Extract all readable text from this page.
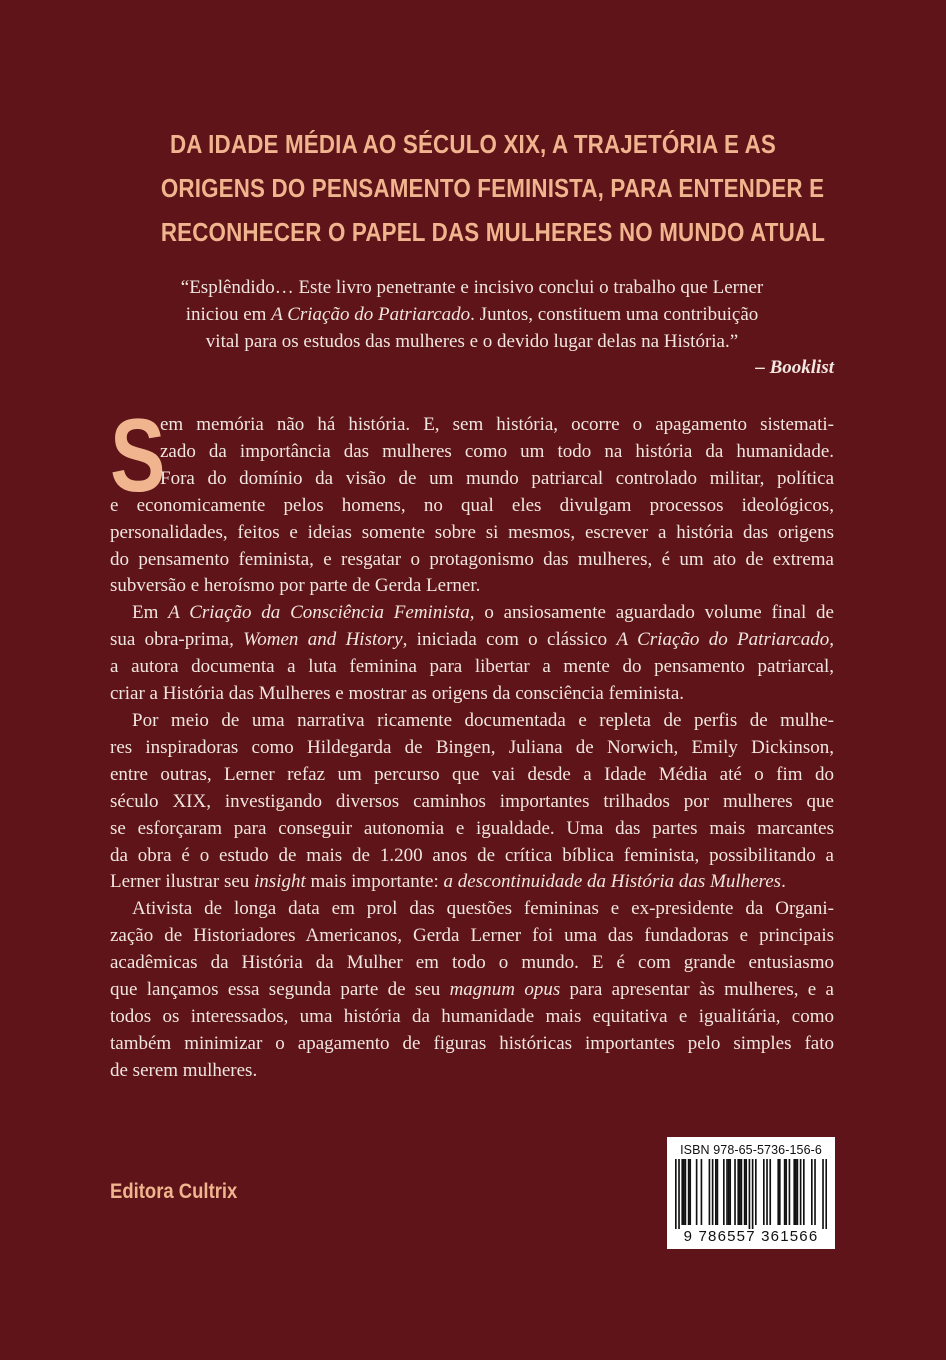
DA IDADE MÉDIA AO SÉCULO XIX, A TRAJETÓRIA E AS
ORIGENS DO PENSAMENTO FEMINISTA, PARA ENTENDER E
RECONHECER O PAPEL DAS MULHERES NO MUNDO ATUAL
“Esplêndido… Este livro penetrante e incisivo conclui o trabalho que Lerner
iniciou em A Criação do Patriarcado. Juntos, constituem uma contribuição
vital para os estudos das mulheres e o devido lugar delas na História.”
– Booklist
S
em memória não há história. E, sem história, ocorre o apagamento sistemati-
zado da importância das mulheres como um todo na história da humanidade.
Fora do domínio da visão de um mundo patriarcal controlado militar, política
e economicamente pelos homens, no qual eles divulgam processos ideológicos,
personalidades, feitos e ideias somente sobre si mesmos, escrever a história das origens
do pensamento feminista, e resgatar o protagonismo das mulheres, é um ato de extrema
subversão e heroísmo por parte de Gerda Lerner.
Em A Criação da Consciência Feminista, o ansiosamente aguardado volume final de
sua obra-prima, Women and History, iniciada com o clássico A Criação do Patriarcado,
a autora documenta a luta feminina para libertar a mente do pensamento patriarcal,
criar a História das Mulheres e mostrar as origens da consciência feminista.
Por meio de uma narrativa ricamente documentada e repleta de perfis de mulhe-
res inspiradoras como Hildegarda de Bingen, Juliana de Norwich, Emily Dickinson,
entre outras, Lerner refaz um percurso que vai desde a Idade Média até o fim do
século XIX, investigando diversos caminhos importantes trilhados por mulheres que
se esforçaram para conseguir autonomia e igualdade. Uma das partes mais marcantes
da obra é o estudo de mais de 1.200 anos de crítica bíblica feminista, possibilitando a
Lerner ilustrar seu insight mais importante: a descontinuidade da História das Mulheres.
Ativista de longa data em prol das questões femininas e ex-presidente da Organi-
zação de Historiadores Americanos, Gerda Lerner foi uma das fundadoras e principais
acadêmicas da História da Mulher em todo o mundo. E é com grande entusiasmo
que lançamos essa segunda parte de seu magnum opus para apresentar às mulheres, e a
todos os interessados, uma história da humanidade mais equitativa e igualitária, como
também minimizar o apagamento de figuras históricas importantes pelo simples fato
de serem mulheres.
Editora Cultrix
ISBN 978-65-5736-156-6
9 786557 361566
